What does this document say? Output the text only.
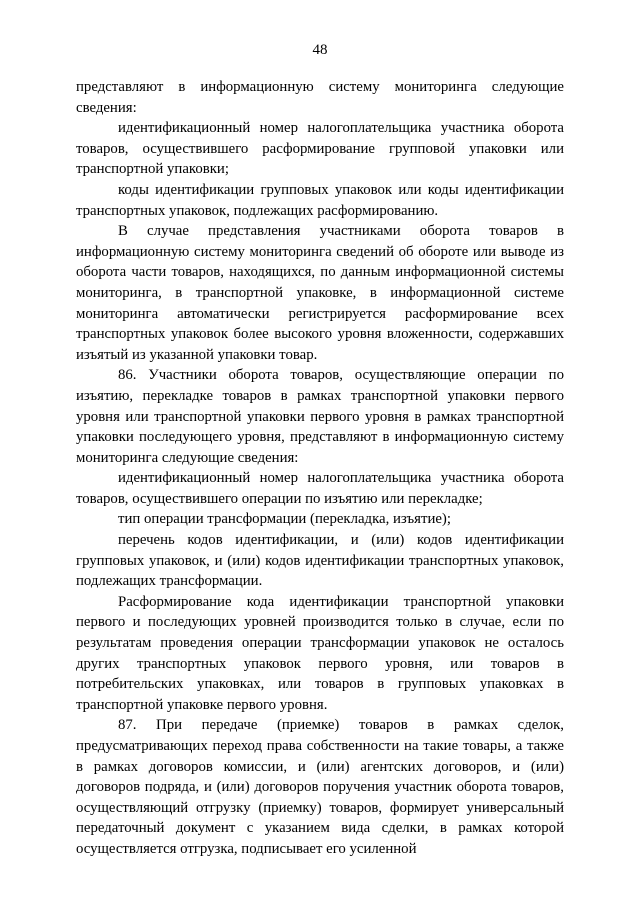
48

представляют в информационную систему мониторинга следующие сведения:

идентификационный номер налогоплательщика участника оборота товаров, осуществившего расформирование групповой упаковки или транспортной упаковки;

коды идентификации групповых упаковок или коды идентификации транспортных упаковок, подлежащих расформированию.

В случае представления участниками оборота товаров в информационную систему мониторинга сведений об обороте или выводе из оборота части товаров, находящихся, по данным информационной системы мониторинга, в транспортной упаковке, в информационной системе мониторинга автоматически регистрируется расформирование всех транспортных упаковок более высокого уровня вложенности, содержавших изъятый из указанной упаковки товар.

86. Участники оборота товаров, осуществляющие операции по изъятию, перекладке товаров в рамках транспортной упаковки первого уровня или транспортной упаковки первого уровня в рамках транспортной упаковки последующего уровня, представляют в информационную систему мониторинга следующие сведения:

идентификационный номер налогоплательщика участника оборота товаров, осуществившего операции по изъятию или перекладке;

тип операции трансформации (перекладка, изъятие);

перечень кодов идентификации, и (или) кодов идентификации групповых упаковок, и (или) кодов идентификации транспортных упаковок, подлежащих трансформации.

Расформирование кода идентификации транспортной упаковки первого и последующих уровней производится только в случае, если по результатам проведения операции трансформации упаковок не осталось других транспортных упаковок первого уровня, или товаров в потребительских упаковках, или товаров в групповых упаковках в транспортной упаковке первого уровня.

87. При передаче (приемке) товаров в рамках сделок, предусматривающих переход права собственности на такие товары, а также в рамках договоров комиссии, и (или) агентских договоров, и (или) договоров подряда, и (или) договоров поручения участник оборота товаров, осуществляющий отгрузку (приемку) товаров, формирует универсальный передаточный документ с указанием вида сделки, в рамках которой осуществляется отгрузка, подписывает его усиленной
